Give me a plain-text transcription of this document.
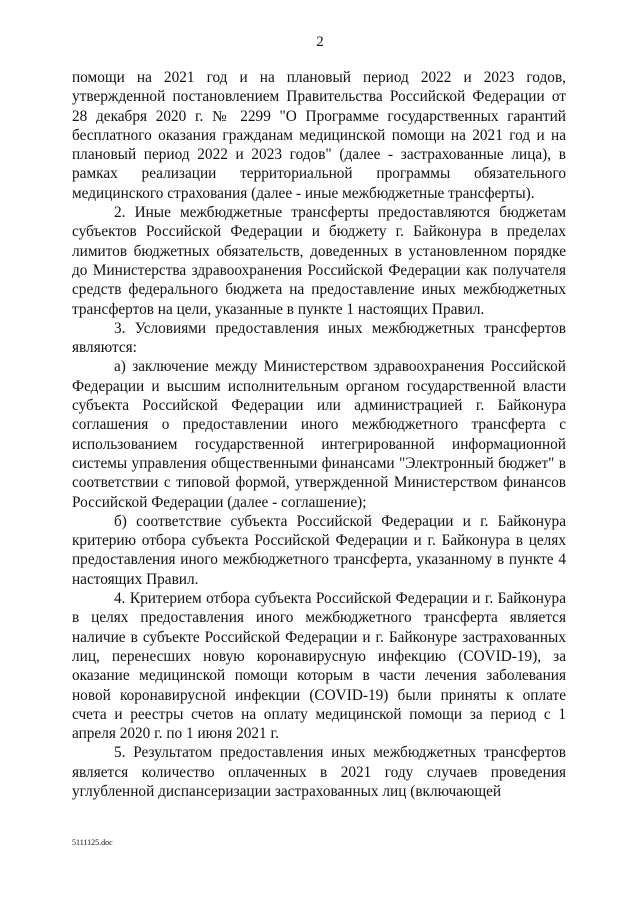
2

помощи на 2021 год и на плановый период 2022 и 2023 годов, утвержденной постановлением Правительства Российской Федерации от 28 декабря 2020 г. № 2299 "О Программе государственных гарантий бесплатного оказания гражданам медицинской помощи на 2021 год и на плановый период 2022 и 2023 годов" (далее - застрахованные лица), в рамках реализации территориальной программы обязательного медицинского страхования (далее - иные межбюджетные трансферты).

2. Иные межбюджетные трансферты предоставляются бюджетам субъектов Российской Федерации и бюджету г. Байконура в пределах лимитов бюджетных обязательств, доведенных в установленном порядке до Министерства здравоохранения Российской Федерации как получателя средств федерального бюджета на предоставление иных межбюджетных трансфертов на цели, указанные в пункте 1 настоящих Правил.

3. Условиями предоставления иных межбюджетных трансфертов являются:

а) заключение между Министерством здравоохранения Российской Федерации и высшим исполнительным органом государственной власти субъекта Российской Федерации или администрацией г. Байконура соглашения о предоставлении иного межбюджетного трансферта с использованием государственной интегрированной информационной системы управления общественными финансами "Электронный бюджет" в соответствии с типовой формой, утвержденной Министерством финансов Российской Федерации (далее - соглашение);

б) соответствие субъекта Российской Федерации и г. Байконура критерию отбора субъекта Российской Федерации и г. Байконура в целях предоставления иного межбюджетного трансферта, указанному в пункте 4 настоящих Правил.

4. Критерием отбора субъекта Российской Федерации и г. Байконура в целях предоставления иного межбюджетного трансферта является наличие в субъекте Российской Федерации и г. Байконуре застрахованных лиц, перенесших новую коронавирусную инфекцию (COVID-19), за оказание медицинской помощи которым в части лечения заболевания новой коронавирусной инфекции (COVID-19) были приняты к оплате счета и реестры счетов на оплату медицинской помощи за период с 1 апреля 2020 г. по 1 июня 2021 г.

5. Результатом предоставления иных межбюджетных трансфертов является количество оплаченных в 2021 году случаев проведения углубленной диспансеризации застрахованных лиц (включающей

5111125.doc
